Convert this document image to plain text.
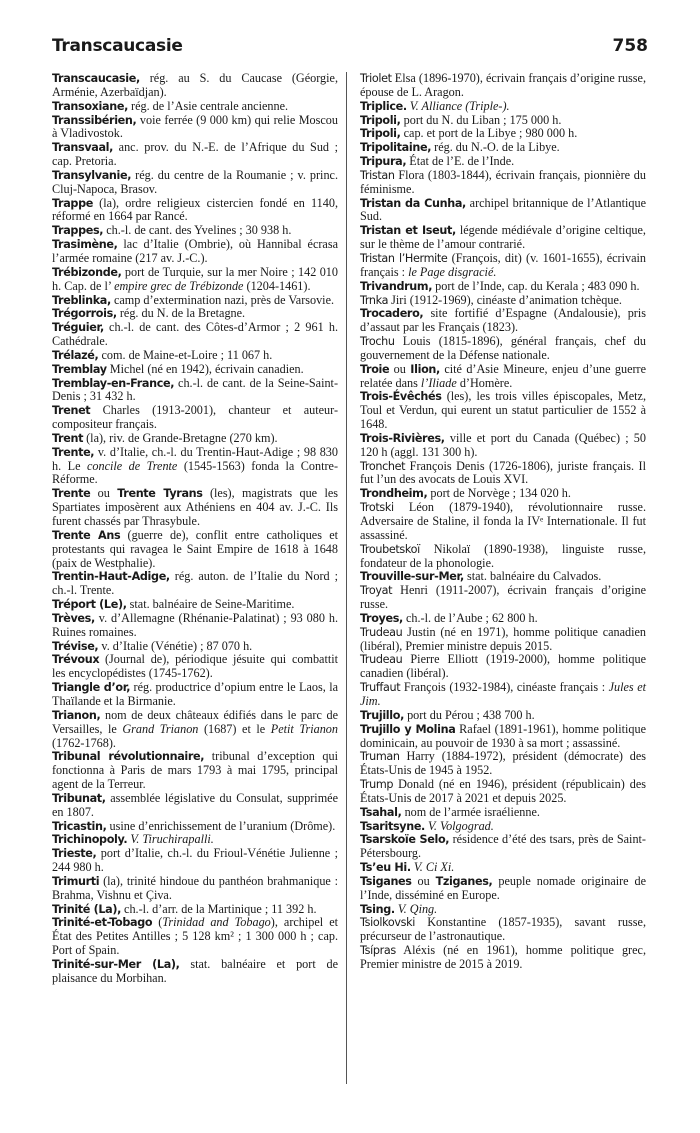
Transcaucasie	758

Transcaucasie, rég. au S. du Caucase (Géorgie, Arménie, Azerbaïdjan).

Transoxiane, rég. de l’Asie centrale ancienne.

Transsibérien, voie ferrée (9 000 km) qui relie Moscou à Vladivostok.

Transvaal, anc. prov. du N.-E. de l’Afrique du Sud ; cap. Pretoria.

Transylvanie, rég. du centre de la Roumanie ; v. princ. Cluj-Napoca, Brasov.

Trappe (la), ordre religieux cistercien fondé en 1140, réformé en 1664 par Rancé.

Trappes, ch.-l. de cant. des Yvelines ; 30 938 h.

Trasimène, lac d’Italie (Ombrie), où Hannibal écrasa l’armée romaine (217 av. J.-C.).

Trébizonde, port de Turquie, sur la mer Noire ; 142 010 h. Cap. de l’ empire grec de Trébizonde (1204-1461).

Treblinka, camp d’extermination nazi, près de Varsovie.

Trégorrois, rég. du N. de la Bretagne.

Tréguier, ch.-l. de cant. des Côtes-d’Armor ; 2 961 h. Cathédrale.

Trélazé, com. de Maine-et-Loire ; 11 067 h.

Tremblay Michel (né en 1942), écrivain canadien.

Tremblay-en-France, ch.-l. de cant. de la Seine-Saint-Denis ; 31 432 h.

Trenet Charles (1913-2001), chanteur et auteur-compositeur français.

Trent (la), riv. de Grande-Bretagne (270 km).

Trente, v. d’Italie, ch.-l. du Trentin-Haut-Adige ; 98 830 h. Le concile de Trente (1545-1563) fonda la Contre-Réforme.

Trente ou Trente Tyrans (les), magistrats que les Spartiates imposèrent aux Athéniens en 404 av. J.-C. Ils furent chassés par Thrasybule.

Trente Ans (guerre de), conflit entre catholiques et protestants qui ravagea le Saint Empire de 1618 à 1648 (paix de Westphalie).

Trentin-Haut-Adige, rég. auton. de l’Italie du Nord ; ch.-l. Trente.

Tréport (Le), stat. balnéaire de Seine-Maritime.

Trèves, v. d’Allemagne (Rhénanie-Palatinat) ; 93 080 h. Ruines romaines.

Trévise, v. d’Italie (Vénétie) ; 87 070 h.

Trévoux (Journal de), périodique jésuite qui combattit les encyclopédistes (1745-1762).

Triangle d’or, rég. productrice d’opium entre le Laos, la Thaïlande et la Birmanie.

Trianon, nom de deux châteaux édifiés dans le parc de Versailles, le Grand Trianon (1687) et le Petit Trianon (1762-1768).

Tribunal révolutionnaire, tribunal d’exception qui fonctionna à Paris de mars 1793 à mai 1795, principal agent de la Terreur.

Tribunat, assemblée législative du Consulat, supprimée en 1807.

Tricastin, usine d’enrichissement de l’uranium (Drôme).

Trichinopoly. V. Tiruchirapalli.

Trieste, port d’Italie, ch.-l. du Frioul-Vénétie Julienne ; 244 980 h.

Trimurti (la), trinité hindoue du panthéon brahmanique : Brahma, Vishnu et Çiva.

Trinité (La), ch.-l. d’arr. de la Martinique ; 11 392 h.

Trinité-et-Tobago (Trinidad and Tobago), archipel et État des Petites Antilles ; 5 128 km² ; 1 300 000 h ; cap. Port of Spain.

Trinité-sur-Mer (La), stat. balnéaire et port de plaisance du Morbihan.

Triolet Elsa (1896-1970), écrivain français d’origine russe, épouse de L. Aragon.

Triplice. V. Alliance (Triple-).

Tripoli, port du N. du Liban ; 175 000 h.

Tripoli, cap. et port de la Libye ; 980 000 h.

Tripolitaine, rég. du N.-O. de la Libye.

Tripura, État de l’E. de l’Inde.

Tristan Flora (1803-1844), écrivain français, pionnière du féminisme.

Tristan da Cunha, archipel britannique de l’Atlantique Sud.

Tristan et Iseut, légende médiévale d’origine celtique, sur le thème de l’amour contrarié.

Tristan l’Hermite (François, dit) (v. 1601-1655), écrivain français : le Page disgracié.

Trivandrum, port de l’Inde, cap. du Kerala ; 483 090 h.

Trnka Jiri (1912-1969), cinéaste d’animation tchèque.

Trocadero, site fortifié d’Espagne (Andalousie), pris d’assaut par les Français (1823).

Trochu Louis (1815-1896), général français, chef du gouvernement de la Défense nationale.

Troie ou Ilion, cité d’Asie Mineure, enjeu d’une guerre relatée dans l’Iliade d’Homère.

Trois-Évêchés (les), les trois villes épiscopales, Metz, Toul et Verdun, qui eurent un statut particulier de 1552 à 1648.

Trois-Rivières, ville et port du Canada (Québec) ; 50 120 h (aggl. 131 300 h).

Tronchet François Denis (1726-1806), juriste français. Il fut l’un des avocats de Louis XVI.

Trondheim, port de Norvège ; 134 020 h.

Trotski Léon (1879-1940), révolutionnaire russe. Adversaire de Staline, il fonda la IVᵉ Internationale. Il fut assassiné.

Troubetskoï Nikolaï (1890-1938), linguiste russe, fondateur de la phonologie.

Trouville-sur-Mer, stat. balnéaire du Calvados.

Troyat Henri (1911-2007), écrivain français d’origine russe.

Troyes, ch.-l. de l’Aube ; 62 800 h.

Trudeau Justin (né en 1971), homme politique canadien (libéral), Premier ministre depuis 2015.

Trudeau Pierre Elliott (1919-2000), homme politique canadien (libéral).

Truffaut François (1932-1984), cinéaste français : Jules et Jim.

Trujillo, port du Pérou ; 438 700 h.

Trujillo y Molina Rafael (1891-1961), homme politique dominicain, au pouvoir de 1930 à sa mort ; assassiné.

Truman Harry (1884-1972), président (démocrate) des États-Unis de 1945 à 1952.

Trump Donald (né en 1946), président (républicain) des États-Unis de 2017 à 2021 et depuis 2025.

Tsahal, nom de l’armée israélienne.

Tsaritsyne. V. Volgograd.

Tsarskoïe Selo, résidence d’été des tsars, près de Saint-Pétersbourg.

Ts’eu Hi. V. Ci Xi.

Tsiganes ou Tziganes, peuple nomade originaire de l’Inde, disséminé en Europe.

Tsing. V. Qing.

Tsiolkovski Konstantine (1857-1935), savant russe, précurseur de l’astronautique.

Tsípras Aléxis (né en 1961), homme politique grec, Premier ministre de 2015 à 2019.
